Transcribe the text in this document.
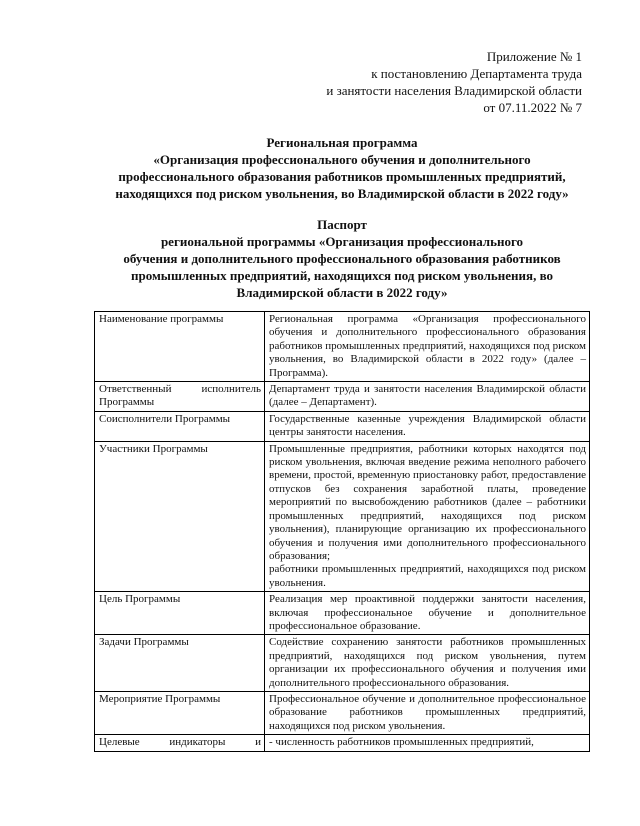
Приложение № 1
к постановлению Департамента труда
и занятости населения Владимирской области
от 07.11.2022 № 7
Региональная программа
«Организация профессионального обучения и дополнительного
профессионального образования работников промышленных предприятий,
находящихся под риском увольнения, во Владимирской области в 2022 году»
Паспорт
региональной программы «Организация профессионального
обучения и дополнительного профессионального образования работников
промышленных предприятий, находящихся под риском увольнения, во
Владимирской области в 2022 году»
Наименование программы	Региональная программа «Организация профессионального обучения и дополнительного профессионального образования работников промышленных предприятий, находящихся под риском увольнения, во Владимирской области в 2022 году» (далее – Программа).
Ответственный исполнитель Программы	Департамент труда и занятости населения Владимирской области (далее – Департамент).
Соисполнители Программы	Государственные казенные учреждения Владимирской области центры занятости населения.
Участники Программы	Промышленные предприятия, работники которых находятся под риском увольнения, включая введение режима неполного рабочего времени, простой, временную приостановку работ, предоставление отпусков без сохранения заработной платы, проведение мероприятий по высвобождению работников (далее – работники промышленных предприятий, находящихся под риском увольнения), планирующие организацию их профессионального обучения и получения ими дополнительного профессионального образования;
работники промышленных предприятий, находящихся под риском увольнения.

Цель Программы	Реализация мер проактивной поддержки занятости населения, включая профессиональное обучение и дополнительное профессиональное образование.
Задачи Программы	Содействие сохранению занятости работников промышленных предприятий, находящихся под риском увольнения, путем организации их профессионального обучения и получения ими дополнительного профессионального образования.
Мероприятие Программы	Профессиональное обучение и дополнительное профессиональное образование работников промышленных предприятий, находящихся под риском увольнения.
Целевые индикаторы и	- численность работников промышленных предприятий,
